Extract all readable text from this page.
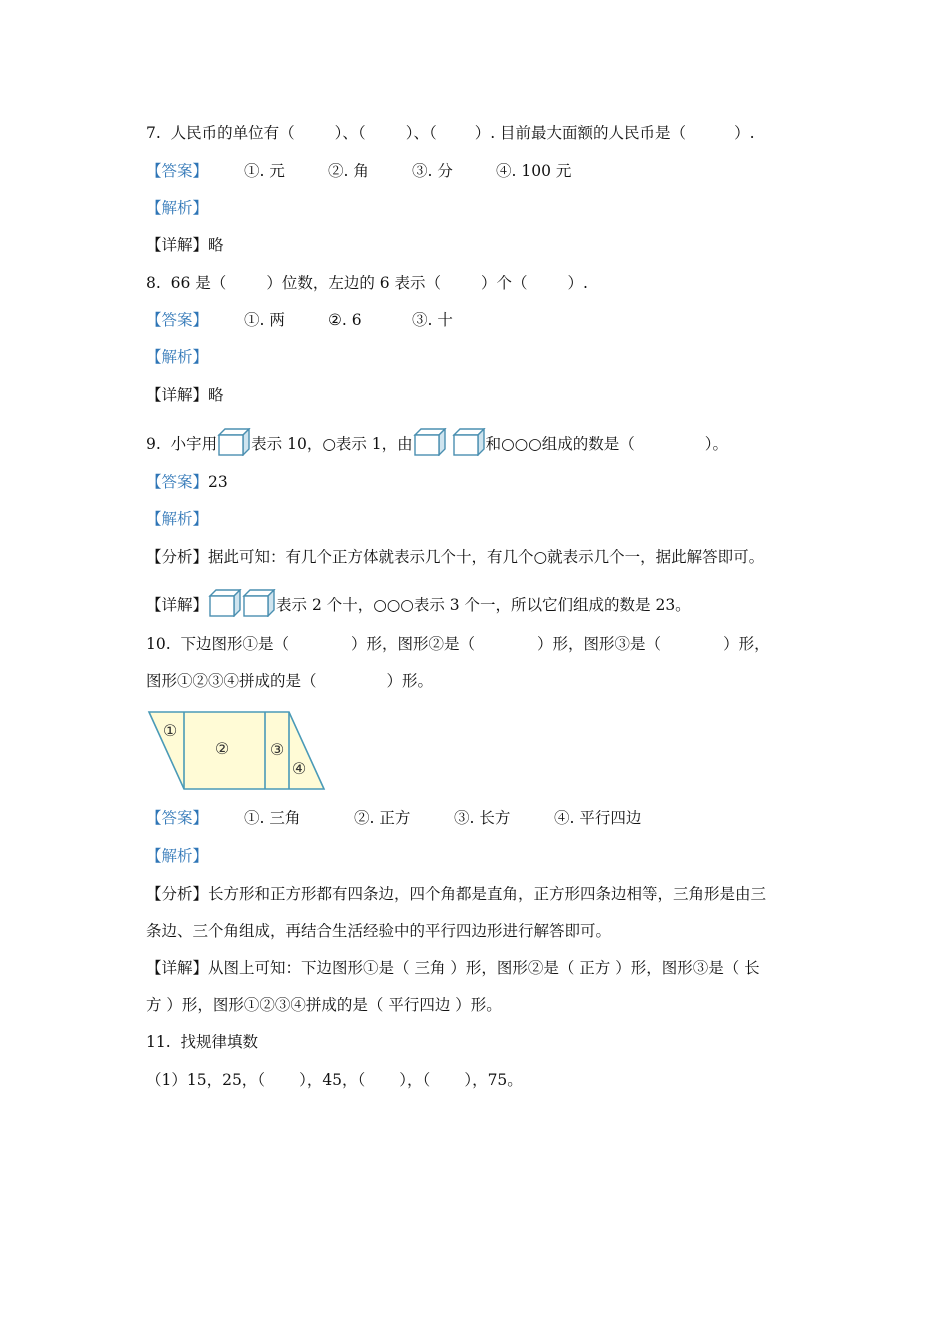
7. 人民币的单位有（	）、（	）、（ ）. 目前最大面额的人民币是（	）.
【答案】 ①. 元	②. 角	③. 分	④. 100 元
【解析】
【详解】略
8. 66 是（	）位数，左边的 6 表示（	）个（	）.
【答案】 ①. 两	②. 6	③. 十
【解析】
【详解】略
9. 小宇用 表示 10，○表示 1，由	和○○○组成的数是（	）。
【答案】23
【解析】
【分析】据此可知：有几个正方体就表示几个十，有几个○就表示几个一，据此解答即可。
【详解】	表示 2 个十，○○○表示 3 个一，所以它们组成的数是 23。
10. 下边图形①是（	）形，图形②是（	）形，图形③是（	）形，
图形①②③④拼成的是（	）形。
①
②	③
④
【答案】 ①. 三角	②. 正方	③. 长方	④. 平行四边
【解析】
【分析】长方形和正方形都有四条边，四个角都是直角，正方形四条边相等，三角形是由三
条边、三个角组成，再结合生活经验中的平行四边形进行解答即可。
【详解】从图上可知：下边图形①是（ 三角 ）形，图形②是（ 正方 ）形，图形③是（ 长
方 ）形，图形①②③④拼成的是（ 平行四边 ）形。
11. 找规律填数
（1）15，25，（ ），45，（ ），（ ），75。
